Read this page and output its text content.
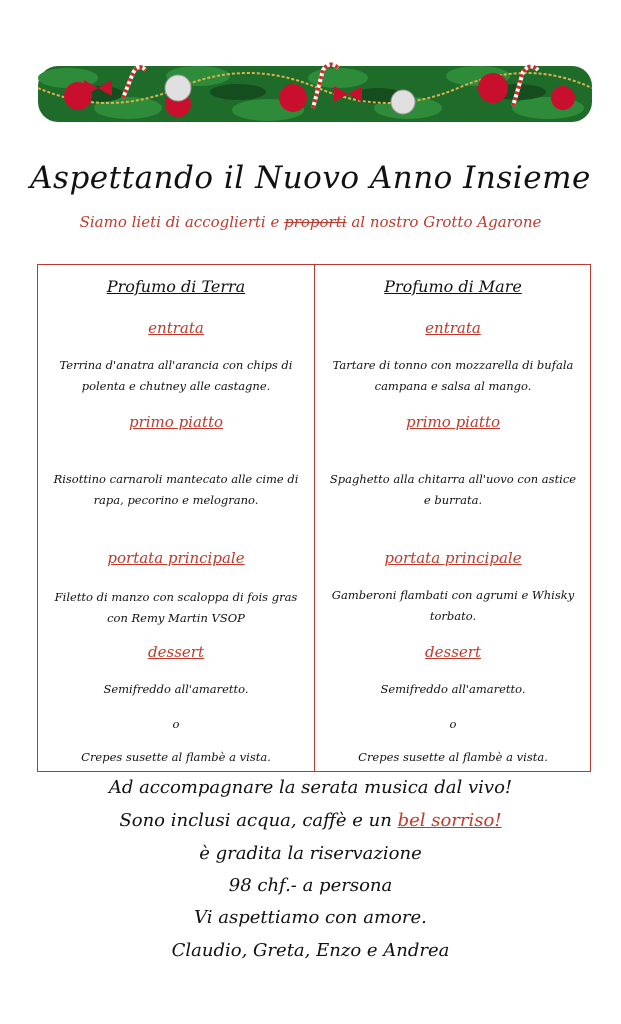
Aspettando il Nuovo Anno Insieme
Siamo lieti di accoglierti e proporti al nostro Grotto Agarone
Profumo di Terra
entrata
Terrina d'anatra all'arancia con chips di polenta e chutney alle castagne.
primo piatto
Risottino carnaroli mantecato alle cime di rapa, pecorino e melograno.
portata principale
Filetto di manzo con scaloppa di fois gras con Remy Martin VSOP
dessert
Semifreddo all'amaretto.
o
Crepes susette al flambè a vista.
Profumo di Mare
entrata
Tartare di tonno con mozzarella di bufala campana e salsa al mango.
primo piatto
Spaghetto alla chitarra all'uovo con astice e burrata.
portata principale
Gamberoni flambati con agrumi e Whisky torbato.
dessert
Semifreddo all'amaretto.
o
Crepes susette al flambè a vista.
Ad accompagnare la serata musica dal vivo!
Sono inclusi acqua, caffè e un bel sorriso!
è gradita la riservazione
98 chf.- a persona
Vi aspettiamo con amore.
Claudio, Greta, Enzo e Andrea
